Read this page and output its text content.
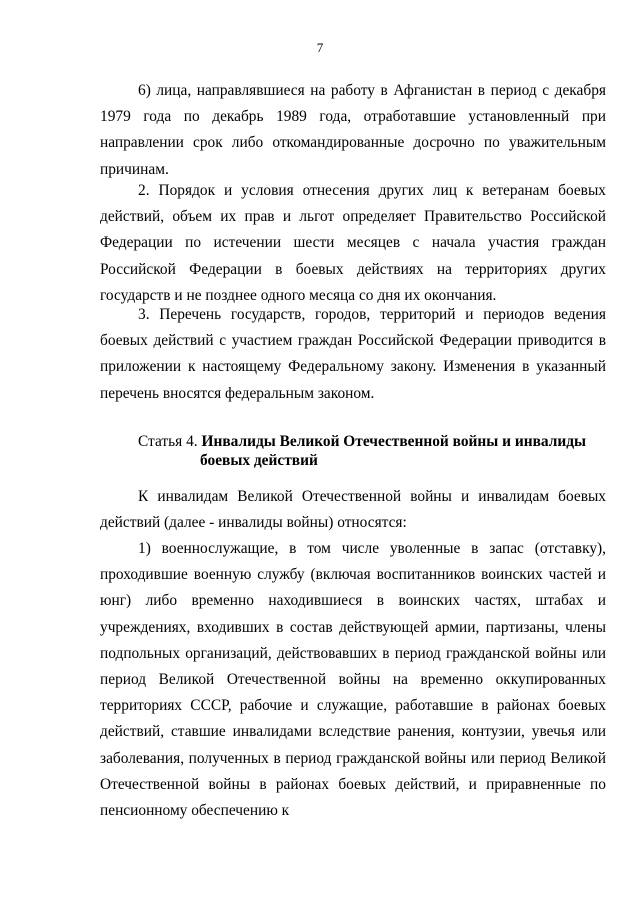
7

6) лица, направлявшиеся на работу в Афганистан в период с декабря 1979 года по декабрь 1989 года, отработавшие установленный при направлении срок либо откомандированные досрочно по уважительным причинам.

2. Порядок и условия отнесения других лиц к ветеранам боевых действий, объем их прав и льгот определяет Правительство Российской Федерации по истечении шести месяцев с начала участия граждан Российской Федерации в боевых действиях на территориях других государств и не позднее одного месяца со дня их окончания.

3. Перечень государств, городов, территорий и периодов ведения боевых действий с участием граждан Российской Федерации приводится в приложении к настоящему Федеральному закону. Изменения в указанный перечень вносятся федеральным законом.

Статья 4. Инвалиды Великой Отечественной войны и инвалиды
боевых действий

К инвалидам Великой Отечественной войны и инвалидам боевых действий (далее - инвалиды войны) относятся:

1) военнослужащие, в том числе уволенные в запас (отставку), проходившие военную службу (включая воспитанников воинских частей и юнг) либо временно находившиеся в воинских частях, штабах и учреждениях, входивших в состав действующей армии, партизаны, члены подпольных организаций, действовавших в период гражданской войны или период Великой Отечественной войны на временно оккупированных территориях СССР, рабочие и служащие, работавшие в районах боевых действий, ставшие инвалидами вследствие ранения, контузии, увечья или заболевания, полученных в период гражданской войны или период Великой Отечественной войны в районах боевых действий, и приравненные по пенсионному обеспечению к
